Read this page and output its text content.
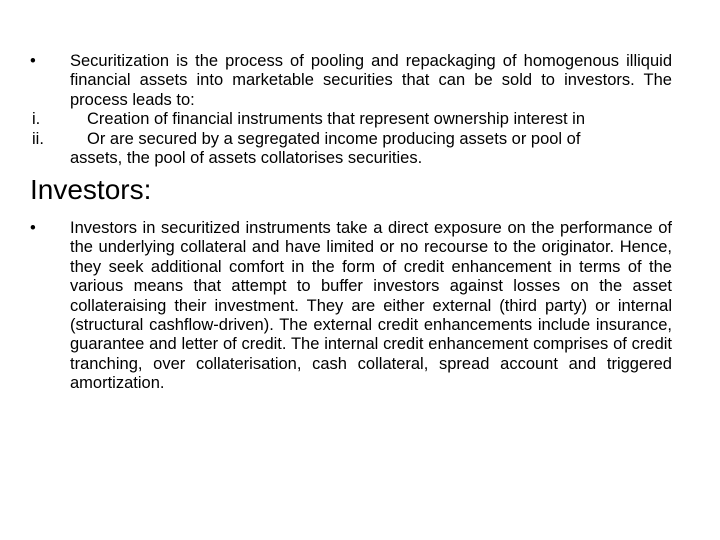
•	Securitization is the process of pooling and repackaging of homogenous illiquid financial assets into marketable securities that can be sold to investors. The process leads to:
i.	Creation of financial instruments that represent ownership interest in
ii.	Or are secured by a segregated income producing assets or pool of
assets, the pool of assets collatorises securities.
Investors:
•	Investors in securitized instruments take a direct exposure on the performance of the underlying collateral and have limited or no recourse to the originator. Hence, they seek additional comfort in the form of credit enhancement in terms of the various means that attempt to buffer investors against losses on the asset collateraising their investment. They are either external (third party) or internal (structural cashflow-driven). The external credit enhancements include insurance, guarantee and letter of credit. The internal credit enhancement comprises of credit tranching, over collaterisation, cash collateral, spread account and triggered amortization.
